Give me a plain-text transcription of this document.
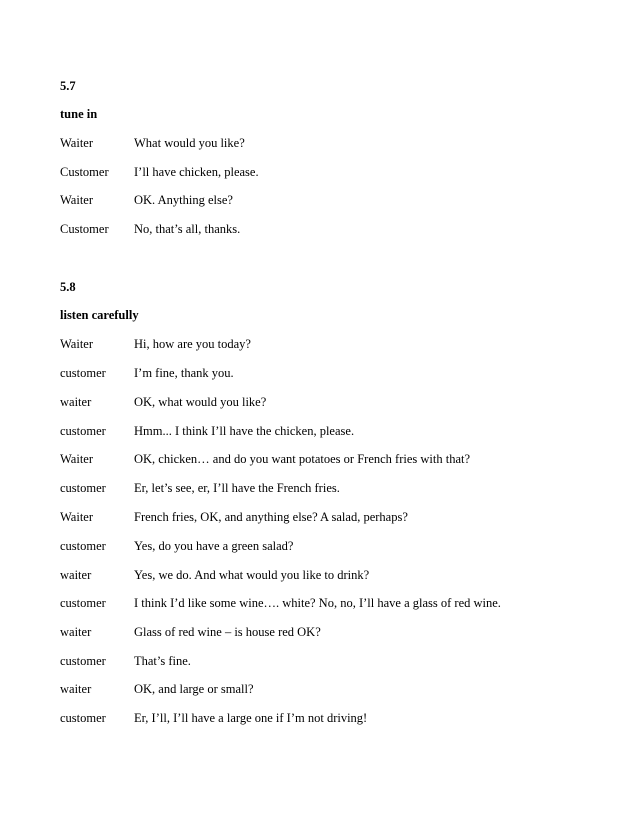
5.7
tune in
Waiter	What would you like?
Customer	I’ll have chicken, please.
Waiter	OK. Anything else?
Customer	No, that’s all, thanks.
5.8
listen carefully
Waiter	Hi, how are you today?
customer	I’m fine, thank you.
waiter	OK, what would you like?
customer	Hmm... I think I’ll have the chicken, please.
Waiter	OK, chicken… and do you want potatoes or French fries with that?
customer	Er, let’s see, er, I’ll have the French fries.
Waiter	French fries, OK, and anything else? A salad, perhaps?
customer	Yes, do you have a green salad?
waiter	Yes, we do. And what would you like to drink?
customer	I think I’d like some wine…. white? No, no, I’ll have a glass of red wine.
waiter	Glass of red wine – is house red OK?
customer	That’s fine.
waiter	OK, and large or small?
customer	Er, I’ll, I’ll have a large one if I’m not driving!
